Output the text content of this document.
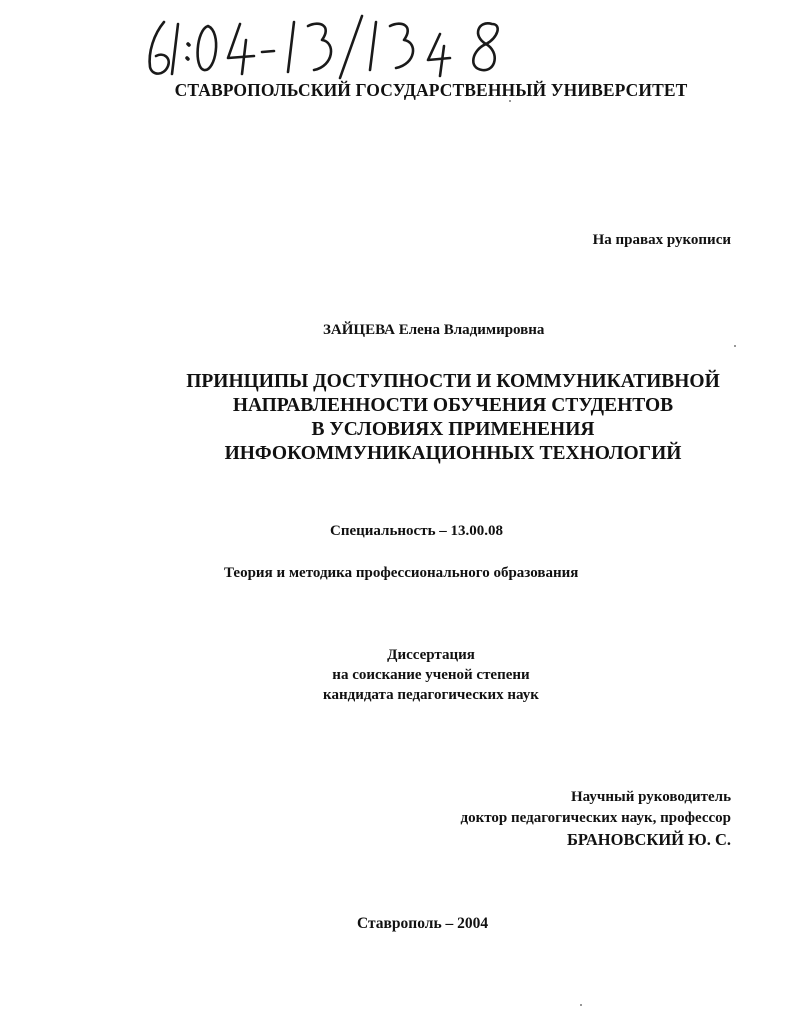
СТАВРОПОЛЬСКИЙ ГОСУДАРСТВЕННЫЙ УНИВЕРСИТЕТ
На правах рукописи
ЗАЙЦЕВА Елена Владимировна
ПРИНЦИПЫ ДОСТУПНОСТИ И КОММУНИКАТИВНОЙ
НАПРАВЛЕННОСТИ ОБУЧЕНИЯ СТУДЕНТОВ
В УСЛОВИЯХ ПРИМЕНЕНИЯ
ИНФОКОММУНИКАЦИОННЫХ ТЕХНОЛОГИЙ
Специальность – 13.00.08
Теория и методика профессионального образования
Диссертация
на соискание ученой степени
кандидата педагогических наук
Научный руководитель
доктор педагогических наук, профессор
БРАНОВСКИЙ Ю. С.
Ставрополь – 2004
